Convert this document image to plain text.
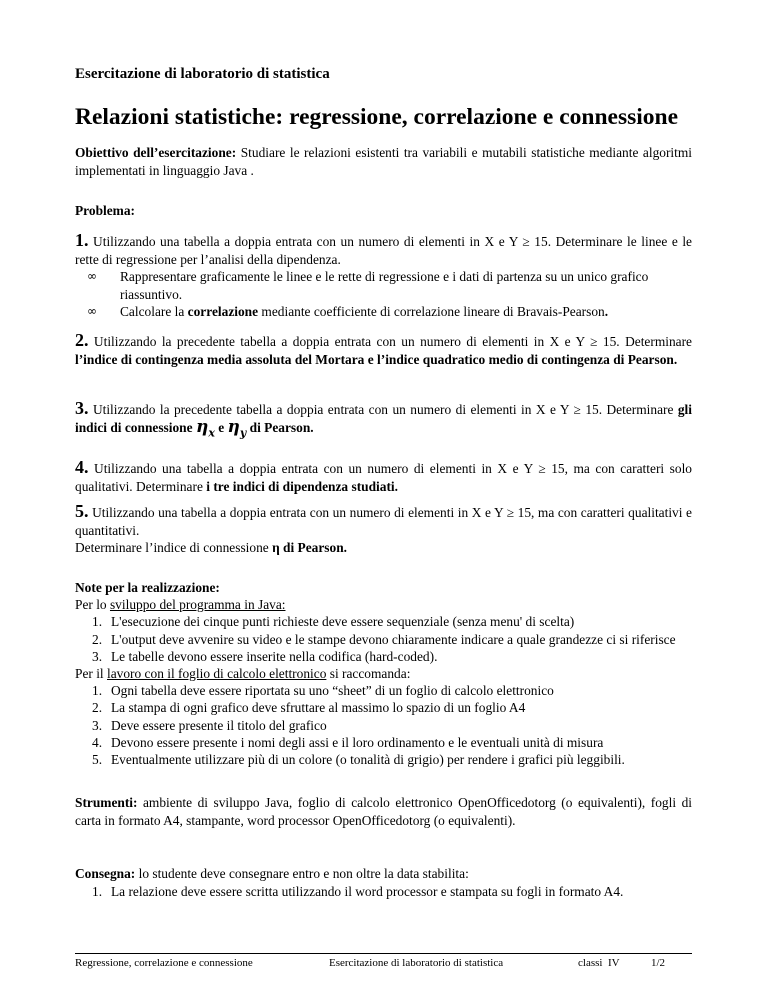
Esercitazione di laboratorio di statistica
Relazioni statistiche: regressione, correlazione e connessione
Obiettivo dell’esercitazione: Studiare le relazioni esistenti tra variabili e mutabili statistiche mediante algoritmi implementati in linguaggio Java .
Problema:
1. Utilizzando una tabella a doppia entrata con un numero di elementi in X e Y ≥ 15. Determinare le linee e le rette di regressione per l’analisi della dipendenza.
∞ Rappresentare graficamente le linee e le rette di regressione e i dati di partenza su un unico grafico riassuntivo.
∞ Calcolare la correlazione mediante coefficiente di correlazione lineare di Bravais-Pearson.
2. Utilizzando la precedente tabella a doppia entrata con un numero di elementi in X e Y ≥ 15. Determinare l’indice di contingenza media assoluta del Mortara e l’indice quadratico medio di contingenza di Pearson.
3. Utilizzando la precedente tabella a doppia entrata con un numero di elementi in X e Y ≥ 15. Determinare gli indici di connessione $\eta_x$ e $\eta_y$ di Pearson.
4. Utilizzando una tabella a doppia entrata con un numero di elementi in X e Y ≥ 15, ma con caratteri solo qualitativi. Determinare i tre indici di dipendenza studiati.
5. Utilizzando una tabella a doppia entrata con un numero di elementi in X e Y ≥ 15, ma con caratteri qualitativi e quantitativi.
Determinare l’indice di connessione η di Pearson.
Note per la realizzazione:
Per lo sviluppo del programma in Java:
1. L'esecuzione dei cinque punti richieste deve essere sequenziale (senza menu' di scelta)
2. L'output deve avvenire su video e le stampe devono chiaramente indicare a quale grandezze ci si riferisce
3. Le tabelle devono essere inserite nella codifica (hard-coded).
Per il lavoro con il foglio di calcolo elettronico si raccomanda:
1. Ogni tabella deve essere riportata su uno “sheet” di un foglio di calcolo elettronico
2. La stampa di ogni grafico deve sfruttare al massimo lo spazio di un foglio A4
3. Deve essere presente il titolo del grafico
4. Devono essere presente i nomi degli assi e il loro ordinamento e le eventuali unità di misura
5. Eventualmente utilizzare più di un colore (o tonalità di grigio) per rendere i grafici più leggibili.
Strumenti: ambiente di sviluppo Java, foglio di calcolo elettronico OpenOfficedotorg (o equivalenti), fogli di carta in formato A4, stampante, word processor OpenOfficedotorg (o equivalenti).
Consegna: lo studente deve consegnare entro e non oltre la data stabilita:
1. La relazione deve essere scritta utilizzando il word processor e stampata su fogli in formato A4.
Regressione, correlazione e connessione	Esercitazione di laboratorio di statistica	classi  IV	1/2
